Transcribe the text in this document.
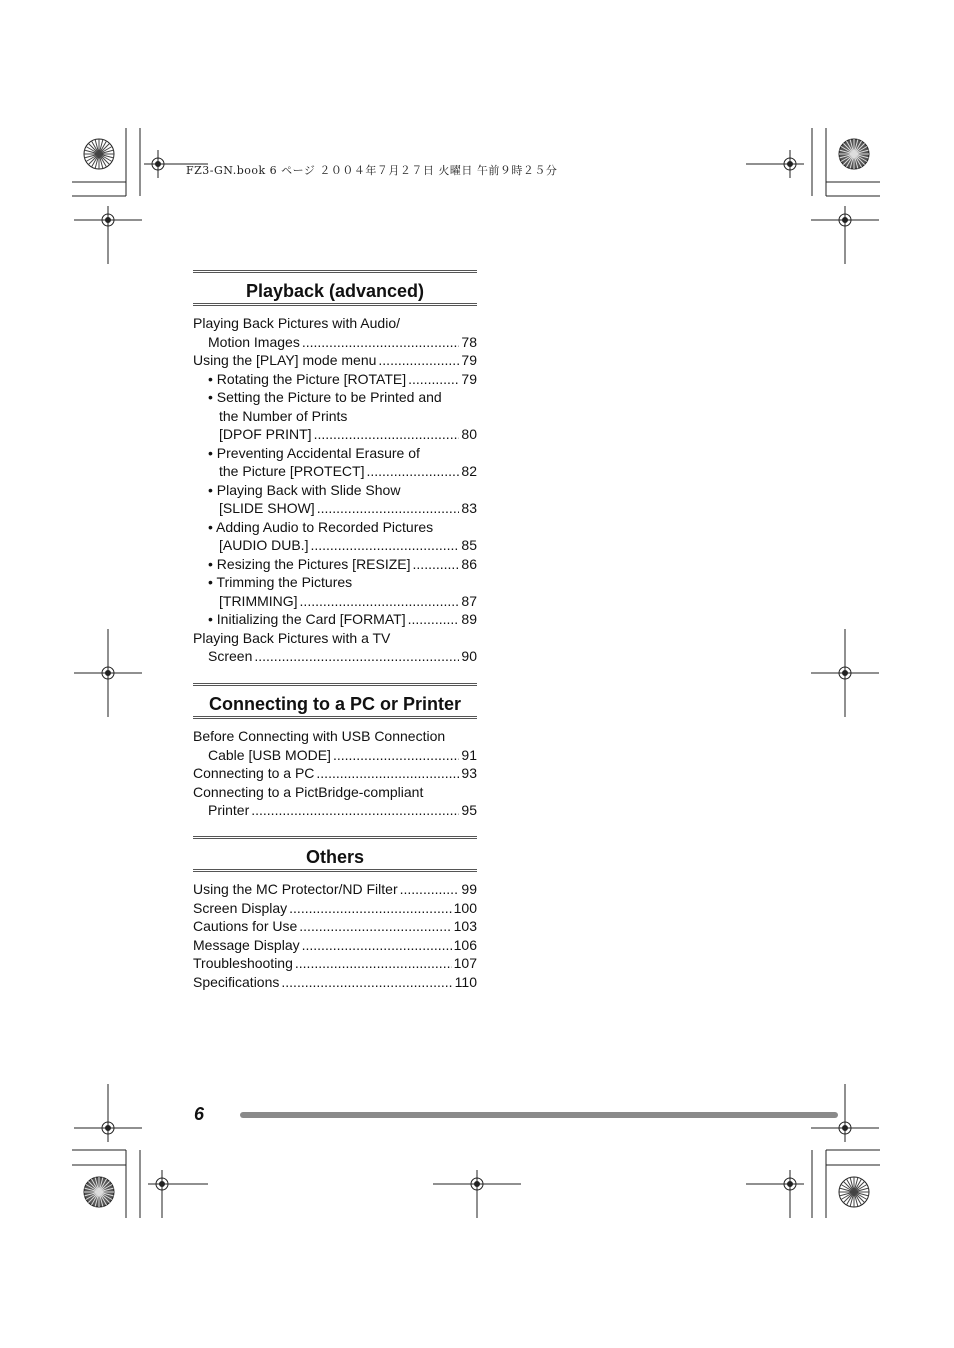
FZ3-GN.book 6 ページ ２００４年７月２７日 火曜日 午前９時２５分
Playback (advanced)
Playing Back Pictures with Audio/
Motion Images .....	78
Using the [PLAY] mode menu .....	79
• Rotating the Picture [ROTATE] .....	79
• Setting the Picture to be Printed and
the Number of Prints
[DPOF PRINT] .....	80
• Preventing Accidental Erasure of
the Picture [PROTECT] .....	82
• Playing Back with Slide Show
[SLIDE SHOW] .....	83
• Adding Audio to Recorded Pictures
[AUDIO DUB.] .....	85
• Resizing the Pictures [RESIZE] .....	86
• Trimming the Pictures
[TRIMMING] .....	87
• Initializing the Card [FORMAT] .....	89
Playing Back Pictures with a TV
Screen .....	90
Connecting to a PC or Printer
Before Connecting with USB Connection
Cable [USB MODE] .....	91
Connecting to a PC .....	93
Connecting to a PictBridge-compliant
Printer .....	95
Others
Using the MC Protector/ND Filter .....	99
Screen Display .....	100
Cautions for Use .....	103
Message Display .....	106
Troubleshooting .....	107
Specifications .....	110
6
